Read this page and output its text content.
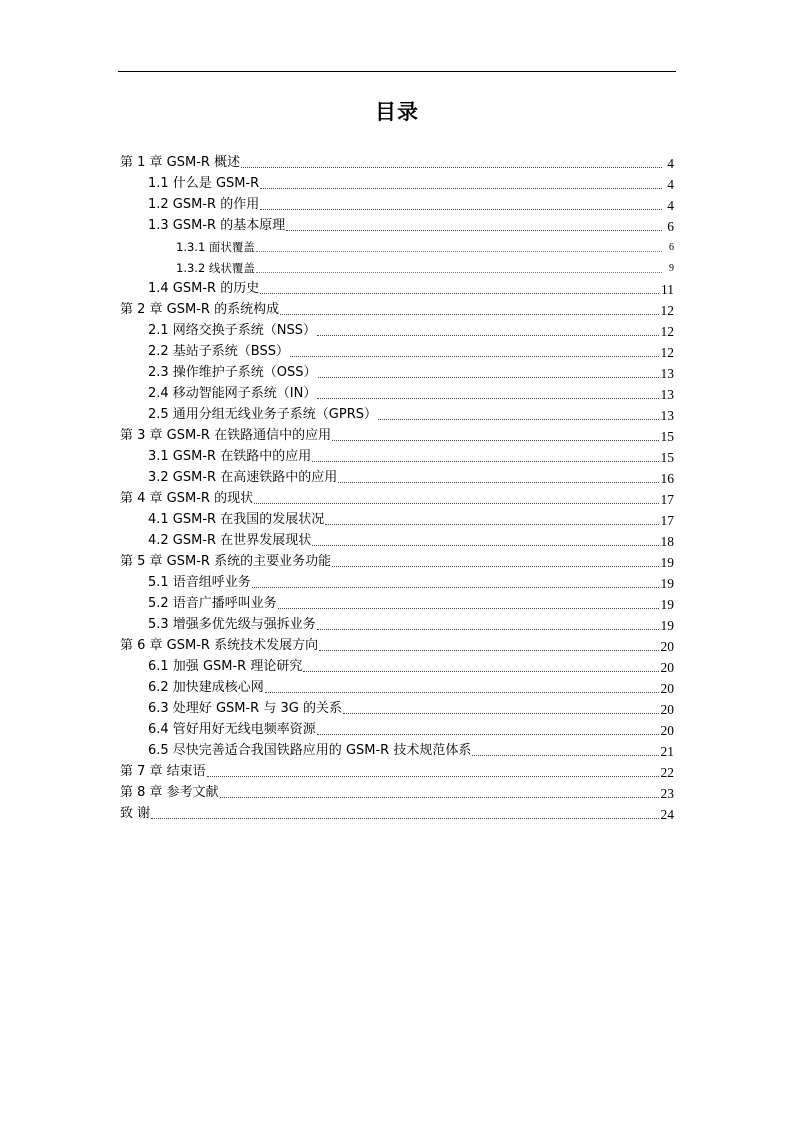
目录
第 1 章 GSM-R 概述	4
1.1 什么是 GSM-R	4
1.2 GSM-R 的作用	4
1.3 GSM-R 的基本原理	6
1.3.1 面状覆盖	6
1.3.2 线状覆盖	9
1.4 GSM-R 的历史	11
第 2 章 GSM-R 的系统构成	12
2.1 网络交换子系统（NSS）	12
2.2 基站子系统（BSS）	12
2.3 操作维护子系统（OSS）	13
2.4 移动智能网子系统（IN）	13
2.5 通用分组无线业务子系统（GPRS）	13
第 3 章 GSM-R 在铁路通信中的应用	15
3.1 GSM-R 在铁路中的应用	15
3.2 GSM-R 在高速铁路中的应用	16
第 4 章 GSM-R 的现状	17
4.1 GSM-R 在我国的发展状况	17
4.2 GSM-R 在世界发展现状	18
第 5 章 GSM-R 系统的主要业务功能	19
5.1 语音组呼业务	19
5.2 语音广播呼叫业务	19
5.3 增强多优先级与强拆业务	19
第 6 章 GSM-R 系统技术发展方向	20
6.1 加强 GSM-R 理论研究	20
6.2 加快建成核心网	20
6.3 处理好 GSM-R 与 3G 的关系	20
6.4 管好用好无线电频率资源	20
6.5 尽快完善适合我国铁路应用的 GSM-R 技术规范体系	21
第 7 章 结束语	22
第 8 章 参考文献	23
致 谢	24
